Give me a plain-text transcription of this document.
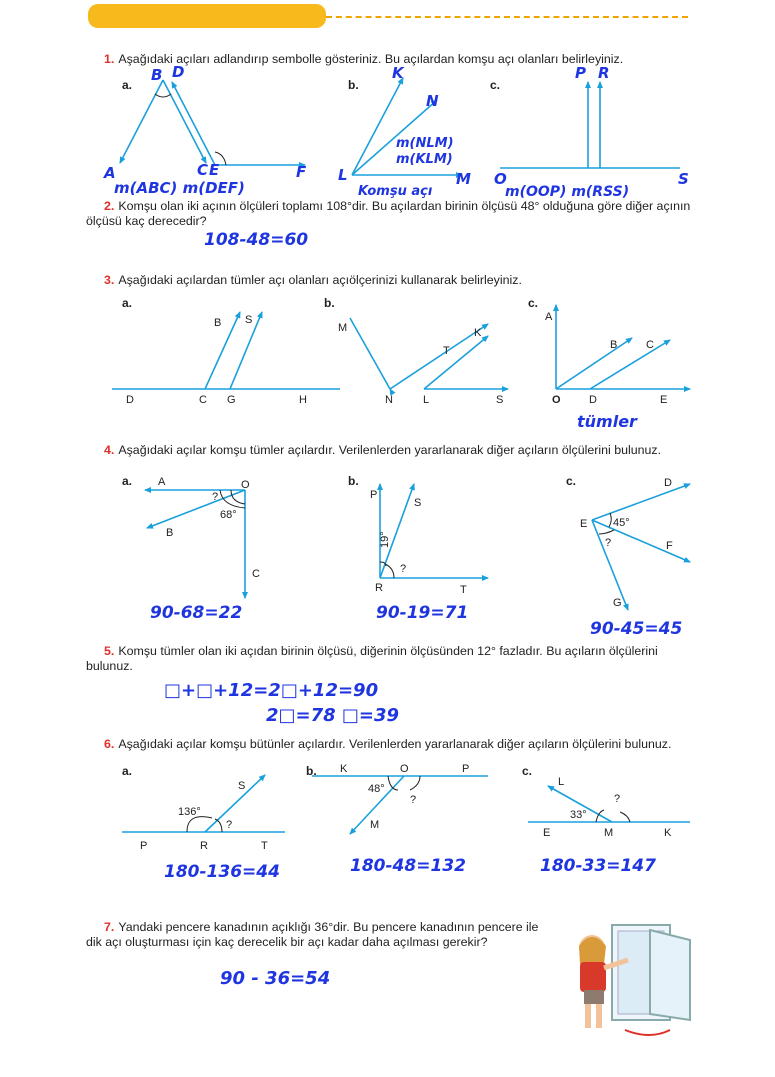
1. Aşağıdaki açıları adlandırıp sembolle gösteriniz. Bu açılardan komşu açı olanları belirleyiniz.
2. Komşu olan iki açının ölçüleri toplamı 108°dir. Bu açılardan birinin ölçüsü 48° olduğuna göre diğer açının ölçüsü kaç derecedir?
3. Aşağıdaki açılardan tümler açı olanları açıölçerinizi kullanarak belirleyiniz.
4. Aşağıdaki açılar komşu tümler açılardır. Verilenlerden yararlanarak diğer açıların ölçülerini bulunuz.
5. Komşu tümler olan iki açıdan birinin ölçüsü, diğerinin ölçüsünden 12° fazladır. Bu açıların ölçülerini bulunuz.
6. Aşağıdaki açılar komşu bütünler açılardır. Verilenlerden yararlanarak diğer açıların ölçülerini bulunuz.
7. Yandaki pencere kanadının açıklığı 36°dir. Bu pencere kanadının pencere ile dik açı oluşturması için kaç derecelik bir açı kadar daha açılması gerekir?
a.	b.	c.
a.	b.	c.
a.	b.	c.
a.	b.	c.
B D
A	C E	F
K
N
L	M
P R
O	S
m(ABC) m(DEF)
m(NLM)
m(KLM)
Komşu açı	m(OOP) m(RSS)
B S
D	C G	H
M	K
T
N	L	S
A
B	C
O	D	E
tümler
A	O
B
C
68°
?	P
S
R	T
19°
?
D
E
F
G
45°
?
S
P	R	T
136°
?
K	O	P
M
48°
?
L
E	M	K
33°
?
108-48=60
90-68=22	90-19=71
90-45=45
□+□+12=2□+12=90
2□=78 □=39
180-136=44	180-48=132	180-33=147
90 - 36=54
